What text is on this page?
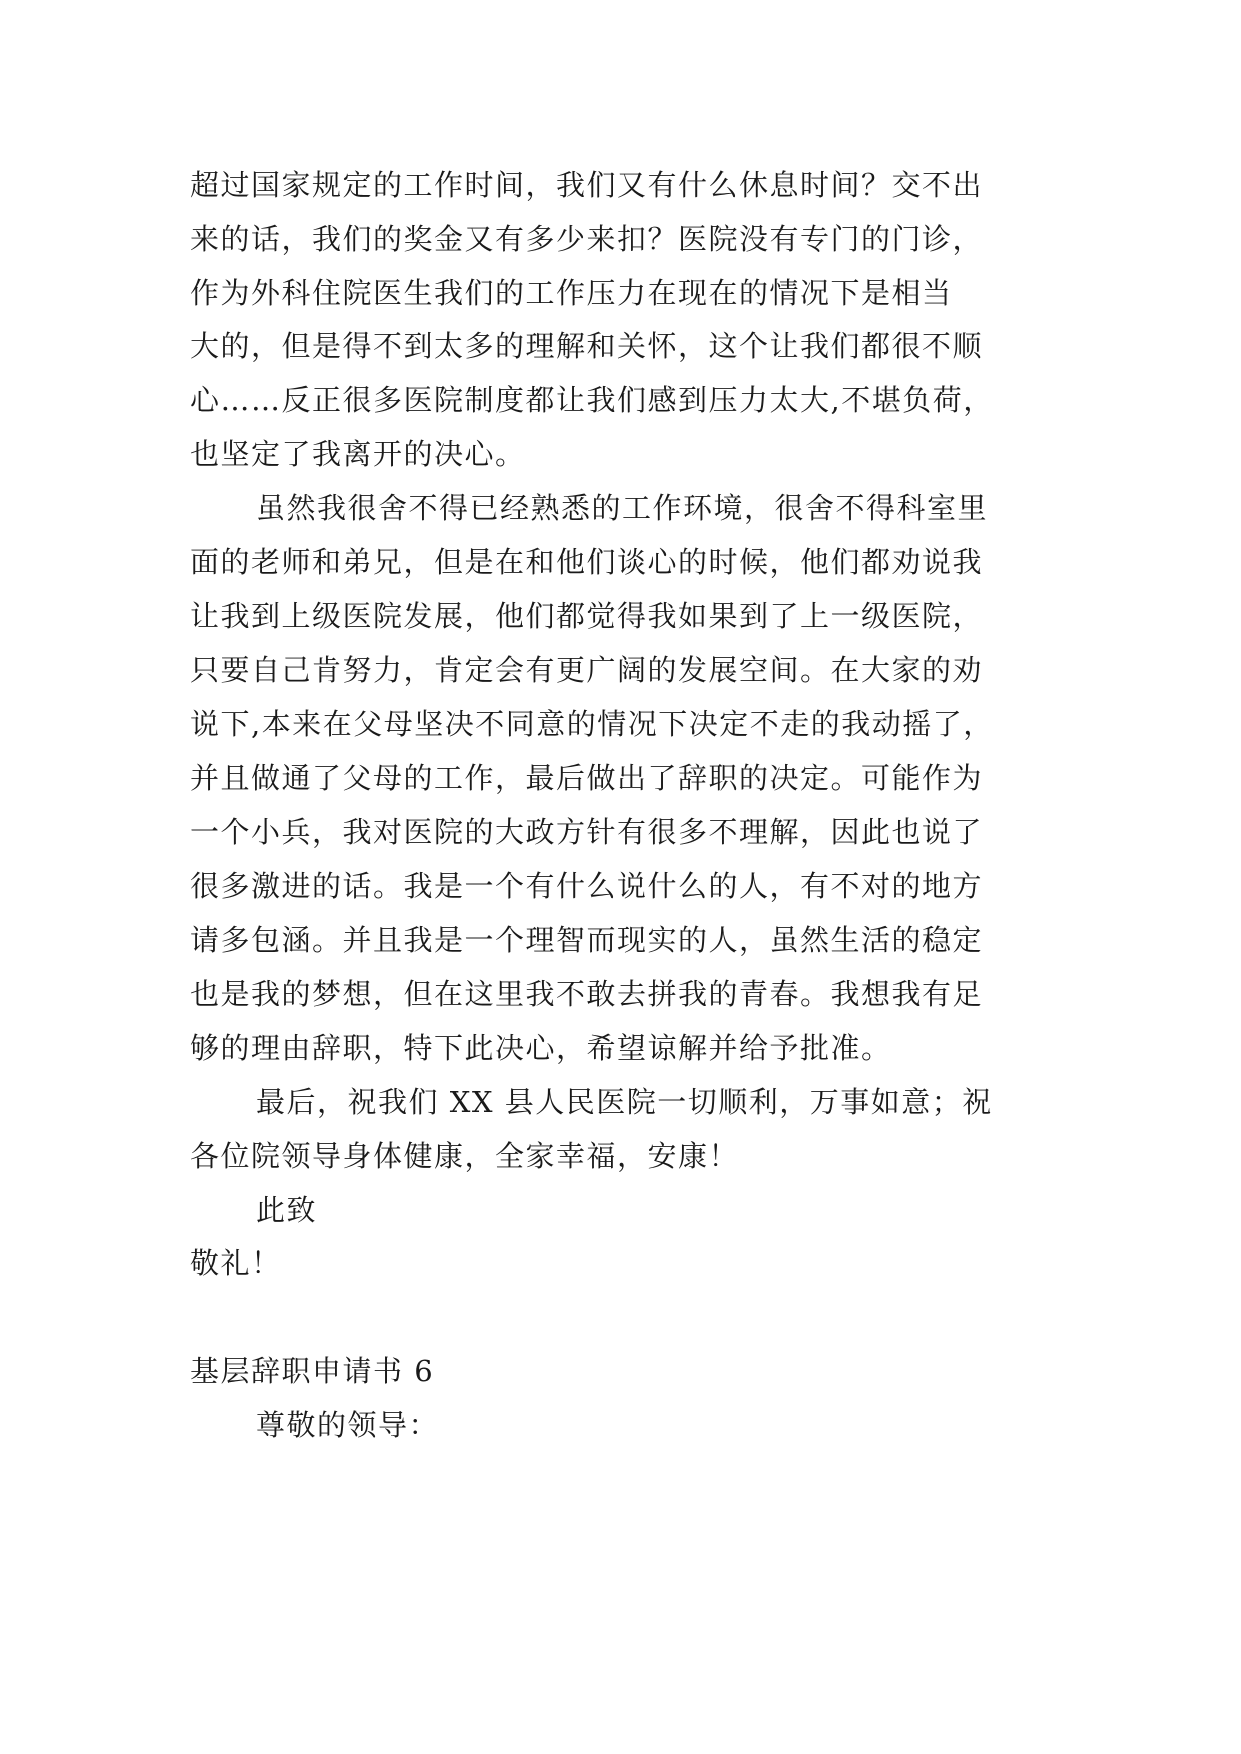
超过国家规定的工作时间，我们又有什么休息时间？交不出
来的话，我们的奖金又有多少来扣？医院没有专门的门诊，
作为外科住院医生我们的工作压力在现在的情况下是相当
大的，但是得不到太多的理解和关怀，这个让我们都很不顺
心……反正很多医院制度都让我们感到压力太大,不堪负荷，
也坚定了我离开的决心。
虽然我很舍不得已经熟悉的工作环境，很舍不得科室里
面的老师和弟兄，但是在和他们谈心的时候，他们都劝说我
让我到上级医院发展，他们都觉得我如果到了上一级医院，
只要自己肯努力，肯定会有更广阔的发展空间。在大家的劝
说下,本来在父母坚决不同意的情况下决定不走的我动摇了，
并且做通了父母的工作，最后做出了辞职的决定。可能作为
一个小兵，我对医院的大政方针有很多不理解，因此也说了
很多激进的话。我是一个有什么说什么的人，有不对的地方
请多包涵。并且我是一个理智而现实的人，虽然生活的稳定
也是我的梦想，但在这里我不敢去拼我的青春。我想我有足
够的理由辞职，特下此决心，希望谅解并给予批准。
最后，祝我们 XX 县人民医院一切顺利，万事如意；祝
各位院领导身体健康，全家幸福，安康！
此致
敬礼！
基层辞职申请书 6
尊敬的领导：
